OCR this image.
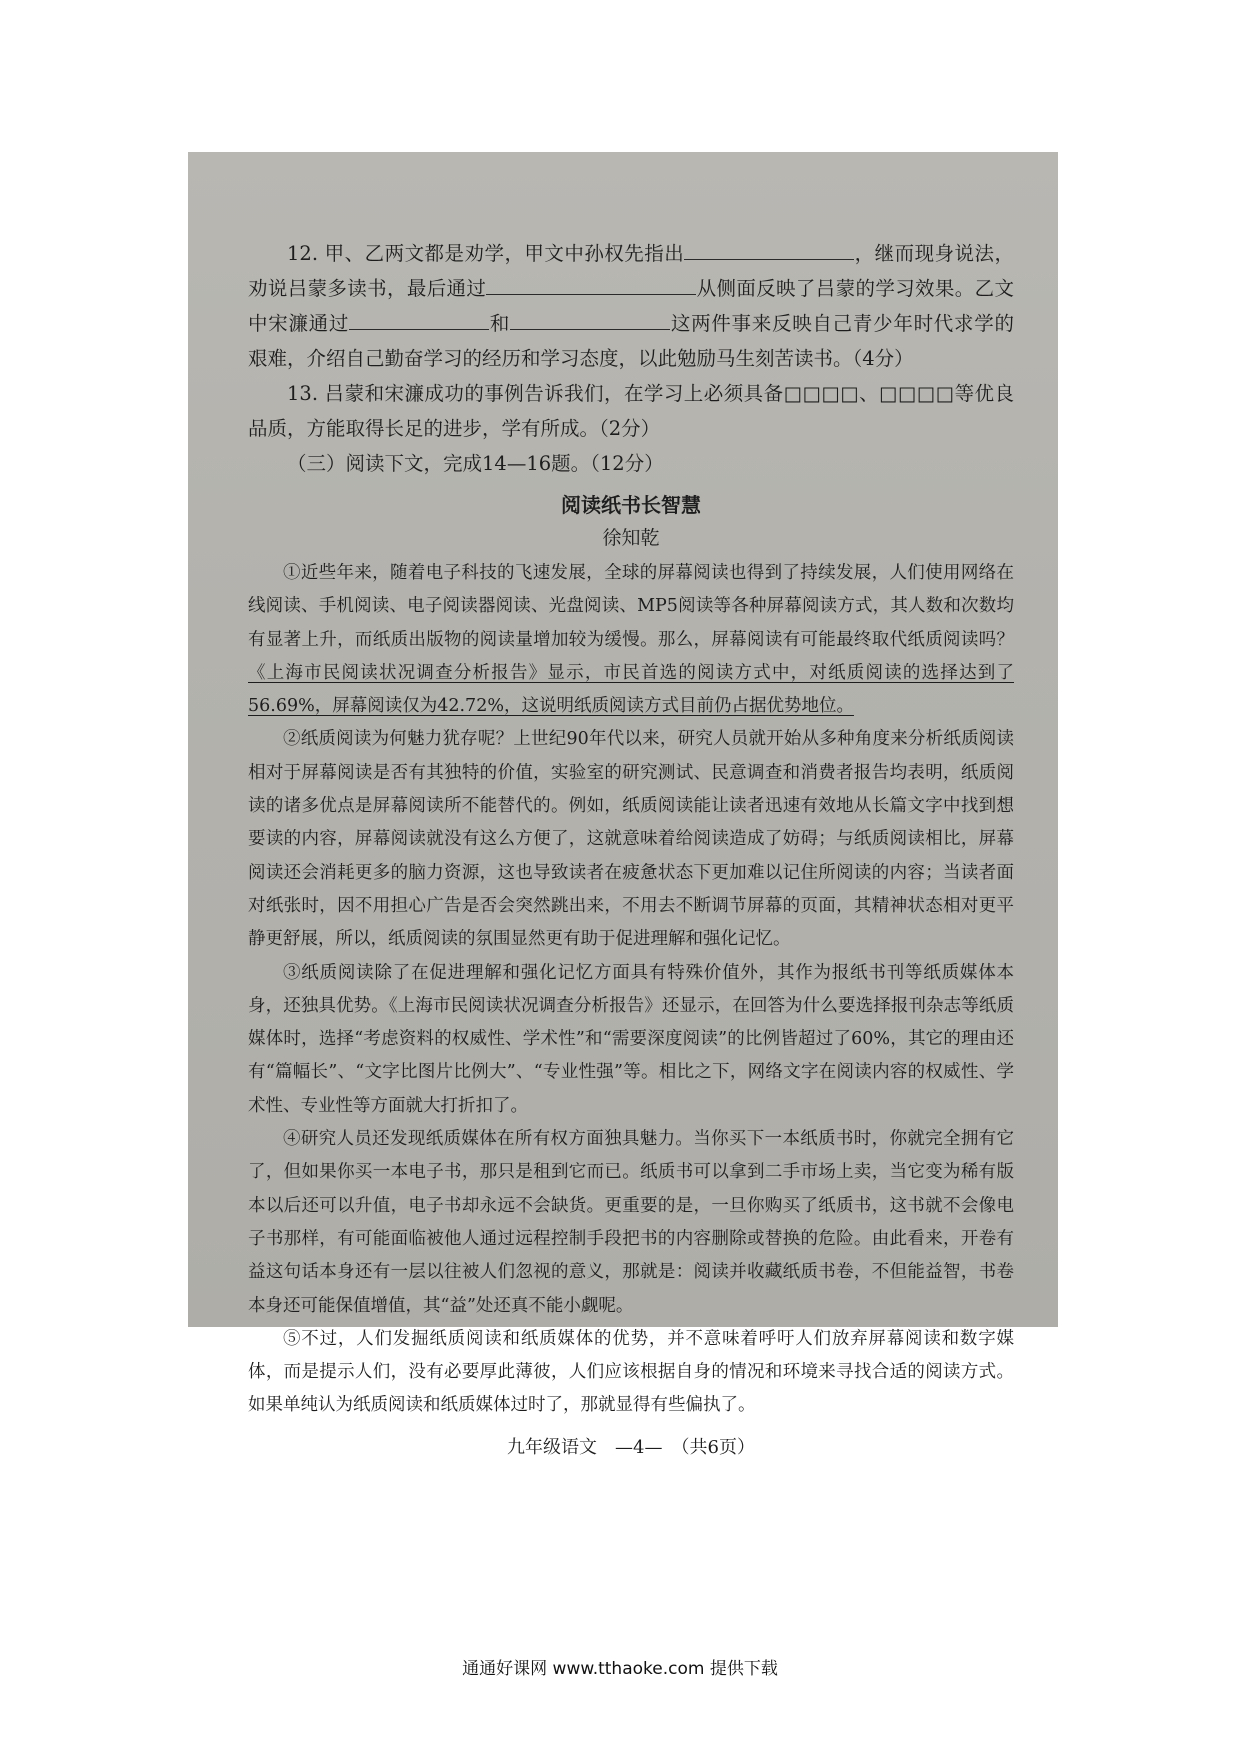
12. 甲、乙两文都是劝学，甲文中孙权先指出	，继而现身说法，劝说吕蒙多读书，最后通过	从侧面反映了吕蒙的学习效果。乙文中宋濂通过	和	这两件事来反映自己青少年时代求学的艰难，介绍自己勤奋学习的经历和学习态度，以此勉励马生刻苦读书。（4分）

13. 吕蒙和宋濂成功的事例告诉我们，在学习上必须具备□□□□、□□□□等优良品质，方能取得长足的进步，学有所成。（2分）

（三）阅读下文，完成14—16题。（12分）

阅读纸书长智慧
徐知乾

①近些年来，随着电子科技的飞速发展，全球的屏幕阅读也得到了持续发展，人们使用网络在线阅读、手机阅读、电子阅读器阅读、光盘阅读、MP5阅读等各种屏幕阅读方式，其人数和次数均有显著上升，而纸质出版物的阅读量增加较为缓慢。那么，屏幕阅读有可能最终取代纸质阅读吗？《上海市民阅读状况调查分析报告》显示，市民首选的阅读方式中，对纸质阅读的选择达到了56.69%，屏幕阅读仅为42.72%，这说明纸质阅读方式目前仍占据优势地位。

②纸质阅读为何魅力犹存呢？上世纪90年代以来，研究人员就开始从多种角度来分析纸质阅读相对于屏幕阅读是否有其独特的价值，实验室的研究测试、民意调查和消费者报告均表明，纸质阅读的诸多优点是屏幕阅读所不能替代的。例如，纸质阅读能让读者迅速有效地从长篇文字中找到想要读的内容，屏幕阅读就没有这么方便了，这就意味着给阅读造成了妨碍；与纸质阅读相比，屏幕阅读还会消耗更多的脑力资源，这也导致读者在疲惫状态下更加难以记住所阅读的内容；当读者面对纸张时，因不用担心广告是否会突然跳出来，不用去不断调节屏幕的页面，其精神状态相对更平静更舒展，所以，纸质阅读的氛围显然更有助于促进理解和强化记忆。

③纸质阅读除了在促进理解和强化记忆方面具有特殊价值外，其作为报纸书刊等纸质媒体本身，还独具优势。《上海市民阅读状况调查分析报告》还显示，在回答为什么要选择报刊杂志等纸质媒体时，选择“考虑资料的权威性、学术性”和“需要深度阅读”的比例皆超过了60%，其它的理由还有“篇幅长”、“文字比图片比例大”、“专业性强”等。相比之下，网络文字在阅读内容的权威性、学术性、专业性等方面就大打折扣了。

④研究人员还发现纸质媒体在所有权方面独具魅力。当你买下一本纸质书时，你就完全拥有它了，但如果你买一本电子书，那只是租到它而已。纸质书可以拿到二手市场上卖，当它变为稀有版本以后还可以升值，电子书却永远不会缺货。更重要的是，一旦你购买了纸质书，这书就不会像电子书那样，有可能面临被他人通过远程控制手段把书的内容删除或替换的危险。由此看来，开卷有益这句话本身还有一层以往被人们忽视的意义，那就是：阅读并收藏纸质书卷，不但能益智，书卷本身还可能保值增值，其“益”处还真不能小觑呢。

⑤不过，人们发掘纸质阅读和纸质媒体的优势，并不意味着呼吁人们放弃屏幕阅读和数字媒体，而是提示人们，没有必要厚此薄彼，人们应该根据自身的情况和环境来寻找合适的阅读方式。如果单纯认为纸质阅读和纸质媒体过时了，那就显得有些偏执了。

九年级语文　—4—　（共6页）
通通好课网 www.tthaoke.com 提供下载
